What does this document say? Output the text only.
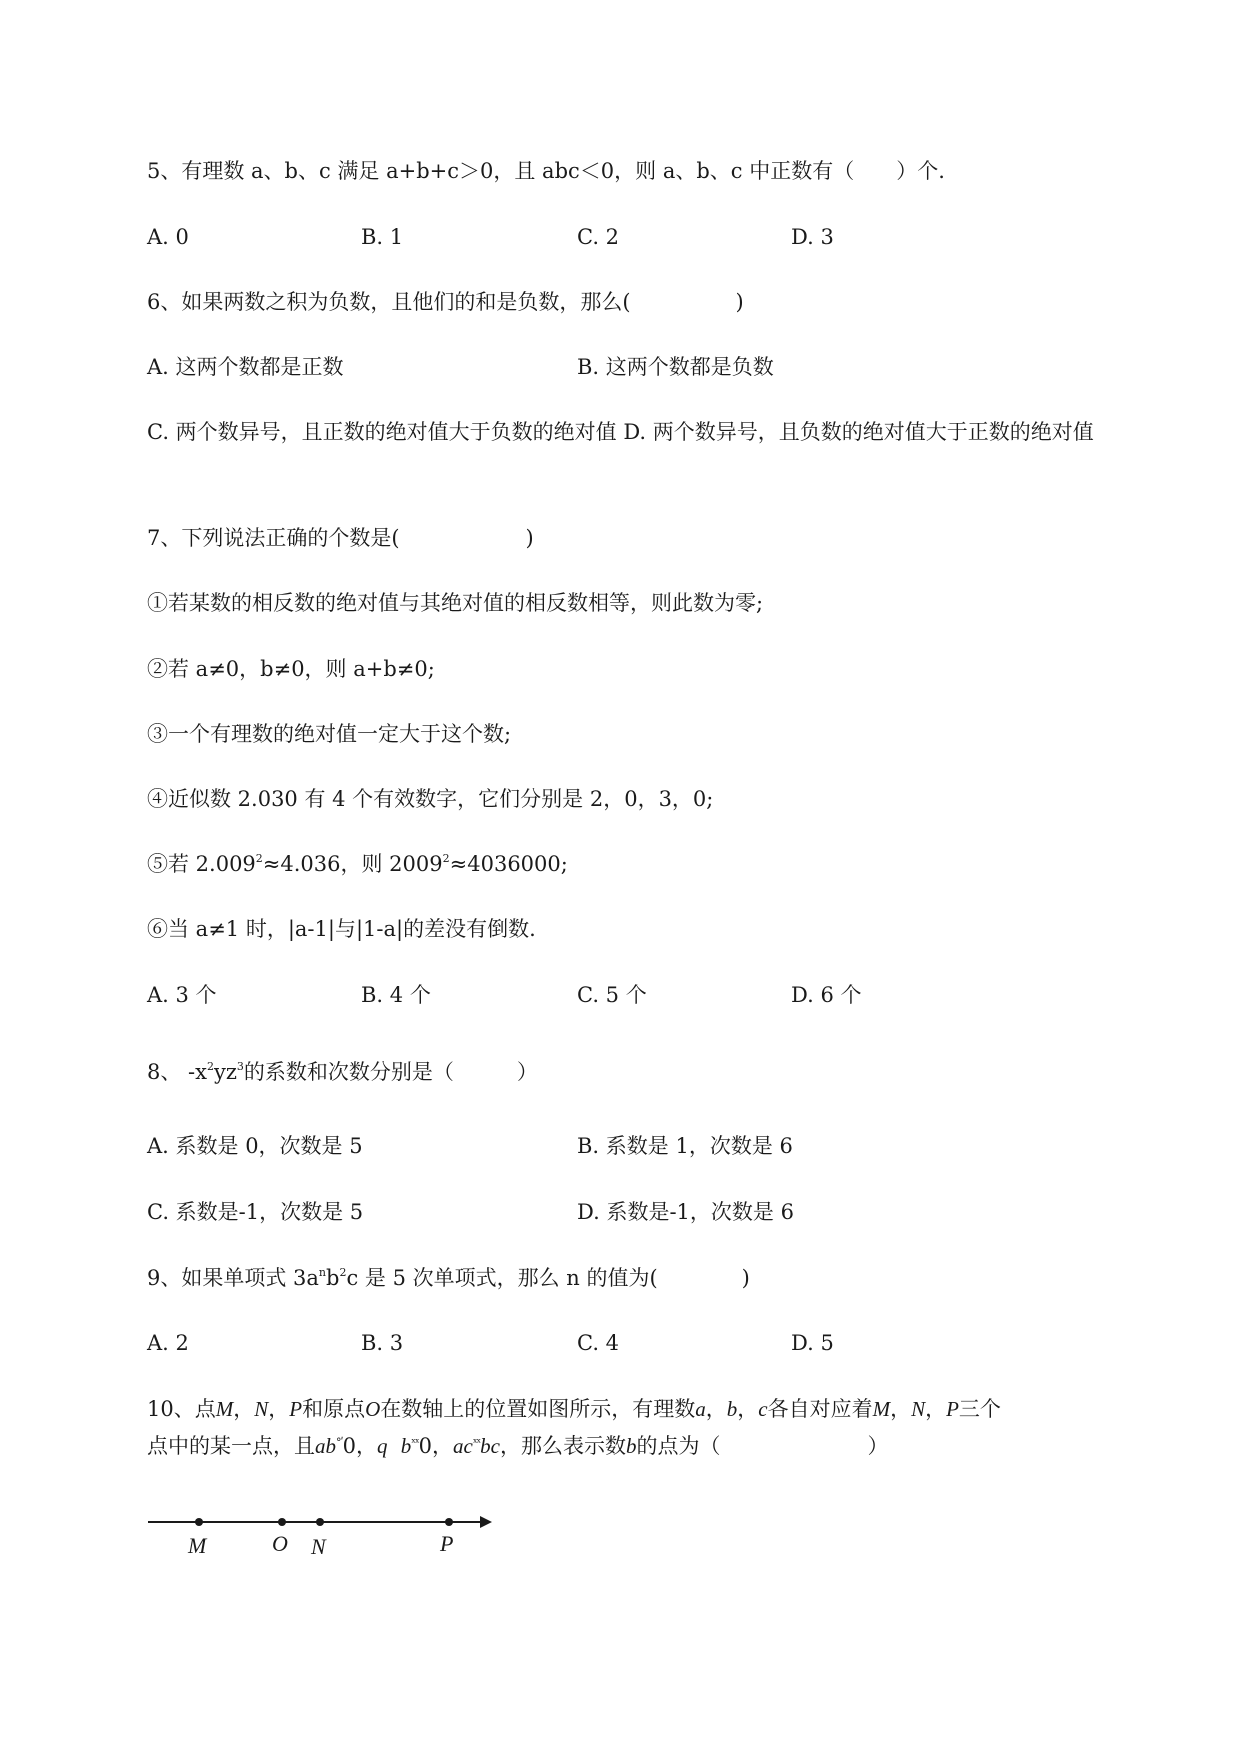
5、有理数 a、b、c 满足 a+b+c＞0，且 abc＜0，则 a、b、c 中正数有（　　）个.
A. 0	B. 1	C. 2	D. 3
6、如果两数之积为负数，且他们的和是负数，那么(　　　　　)
A. 这两个数都是正数	B. 这两个数都是负数
C. 两个数异号，且正数的绝对值大于负数的绝对值 D. 两个数异号，且负数的绝对值大于正数的绝对值
7、下列说法正确的个数是(　　　　　　)
①若某数的相反数的绝对值与其绝对值的相反数相等，则此数为零;
②若 a≠0，b≠0，则 a+b≠0;
③一个有理数的绝对值一定大于这个数;
④近似数 2.030 有 4 个有效数字，它们分别是 2，0，3，0;
⑤若 $2.009^2\approx 4.036$，则 $2009^2\approx 4036000$;
⑥当 a≠1 时，|a-1|与|1-a|的差没有倒数.
A. 3 个	B. 4 个	C. 5 个	D. 6 个
8、 $-x^2yz^3$的系数和次数分别是（　　　）
A. 系数是 0，次数是 5	B. 系数是 1，次数是 6
C. 系数是-1，次数是 5	D. 系数是-1，次数是 6
9、如果单项式 $3a^nb^2c$ 是 5 次单项式，那么 n 的值为(　　　　)
A. 2	B. 3	C. 4	D. 5
10、点M，N，P和原点O在数轴上的位置如图所示，有理数a，b，c各自对应着M，N，P三个
点中的某一点，且$ab^{^\circ ʹ}0$，q $b^{ˣˣ}0$，$ac^{ˣˣ}bc$，那么表示数b的点为（　　　　　　　）
M	O N	P
